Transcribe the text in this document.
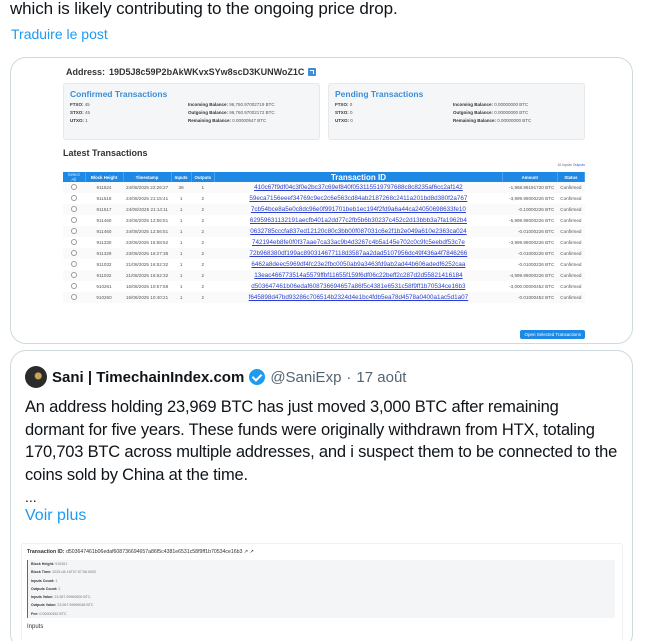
which is likely contributing to the ongoing price drop.
Traduire le post
Address: 19D5J8c59P2bAkWKvxSYw8scD3KUNWoZ1C
Confirmed Transactions
FTXO: 45	Incoming Balance: 96,760.97002719 BTC
STXO: 45	Outgoing Balance: 96,760.97002172 BTC
UTXO: 1	Remaining Balance: 0.00000547 BTC
Pending Transactions
FTXO: 0	Incoming Balance: 0.00000000 BTC
STXO: 0	Outgoing Balance: 0.00000000 BTC
UTXO: 0	Remaining Balance: 0.00000000 BTC
Latest Transactions
10 Inputs Outputs
Select All	Block Height	Timestamp	Inputs	Outputs	Transaction ID	Amount	Status
	911524	24/08/2025 22:26:27	36	1	410c67f9df04c3f0e2bc37c69ef840f053115519797688c8c8235af6cc2af142	-1,968.99191720 BTC	Confirmed
	911518	24/08/2025 21:15:41	1	2	59eca7156eeef34769c9ec2c6e563cd84ab2187268c2411a201bd8d380f2a767	-3,999.99000226 BTC	Confirmed
	911517	24/08/2025 21:14:11	1	2	7cb54bce8a5e0c8dc96e0f991701beb1ec194f2fd9a6a44ca24050698633fe10	-0.10000226 BTC	Confirmed
	911460	24/08/2025 12:56:51	1	2	62959631132191aecfb401a2dd77c2fb5b6b30237c452c2d13bbb3a7fa1962b4	-5,999.99000226 BTC	Confirmed
	911460	24/08/2025 12:56:51	1	2	0632785cccfa837ed12120c80c3bb00f087031c6e2f1b2e049a610e2363ca024	-0.01000226 BTC	Confirmed
	911330	23/08/2025 16:58:52	1	2	742194eb8fe0f0f37aae7ca33ac9b4d3267c4b5a145e702c0c9fc5eebdf53c7e	-3,999.99000226 BTC	Confirmed
	911329	23/08/2025 16:27:38	1	2	72b968380df199ac890314677118d3587aa2dad5107956dc49f436a4f7846266	-0.01000226 BTC	Confirmed
	911032	21/08/2025 16:52:32	1	2	6462a8deec5969df4fc23e2fbc0050ab9a3463fd9ab2ad44b606adedf6252caa	-0.01000226 BTC	Confirmed
	911032	21/08/2025 16:52:32	1	2	13eac466773514a5579ffbf11655f159f6df06c22beff2c287d2d55821416184	-4,999.99000226 BTC	Confirmed
	910261	16/08/2025 10:57:58	1	2	d503647461b06edaf608736694657a86f5c4381e6531c58f9ff1b70534ce16b3	-3,000.00000452 BTC	Confirmed
	910260	16/08/2025 10:40:21	1	2	f645898d47bd93286c706514b2324d4e1bc4fdb5ea78d4578a0400a1ac5d1a07	-0.01000452 BTC	Confirmed
Open Selected Transactions
Sani | TimechainIndex.com @SaniExp · 17 août
An address holding 23,969 BTC has just moved 3,000 BTC after remaining dormant for five years. These funds were originally withdrawn from HTX, totaling 170,703 BTC across multiple addresses, and i suspect them to be connected to the coins sold by China at the time.
...
Voir plus
Transaction ID: d503647461b06edaf608736694657a86f5c4381e6531c58f9ff1b70534ce16b3 ↗ ↗
Block Height: 910261
Block Time: 2025-08-16T07:57:58.000Z
Inputs Count: 1
Outputs Count: 2
Inputs Value: 23,967.99969500 BTC
Outputs Value: 23,967.99969048 BTC
Fee: 0.00000452 BTC
Inputs
